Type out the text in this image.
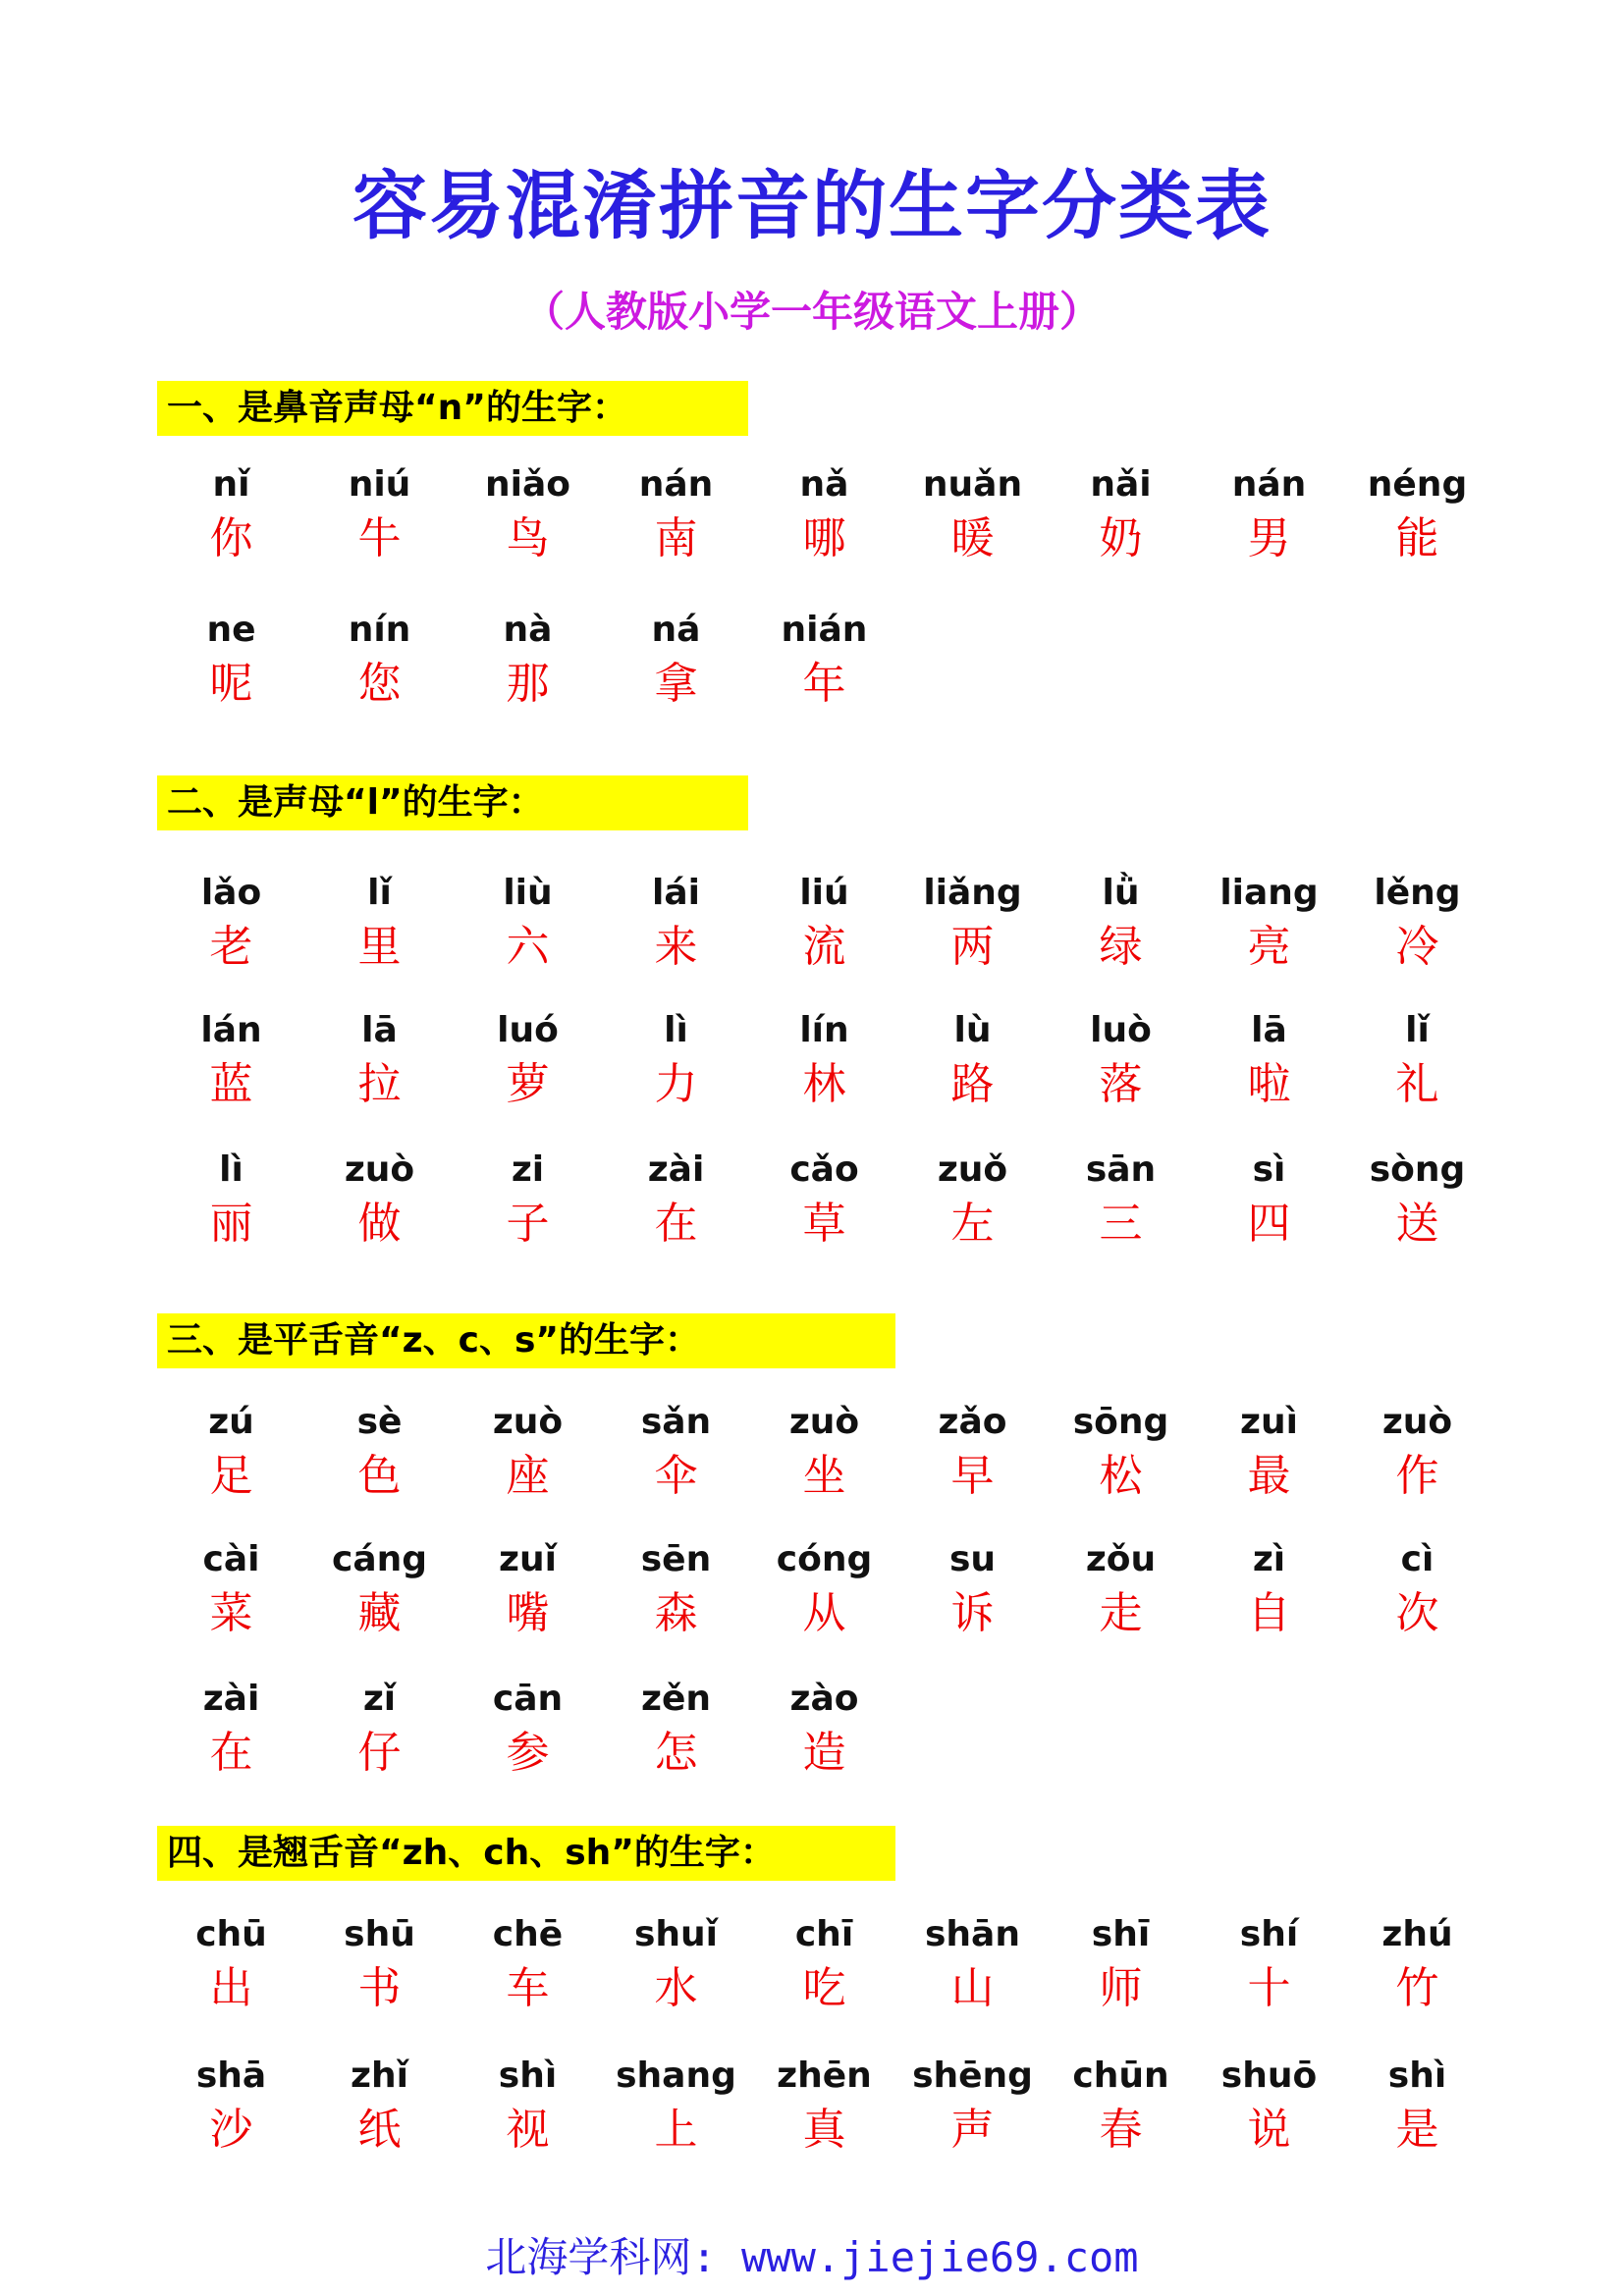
容易混淆拼音的生字分类表
（人教版小学一年级语文上册）
一、是鼻音声母“n”的生字：
nǐ
你
niú
牛
niǎo
鸟
nán
南
nǎ
哪
nuǎn
暖
nǎi
奶
nán
男
néng
能
ne
呢
nín
您
nà
那
ná
拿
nián
年
二、是声母“l”的生字：
lǎo
老
lǐ
里
liù
六
lái
来
liú
流
liǎng
两
lǜ
绿
liang
亮
lěng
冷
lán
蓝
lā
拉
luó
萝
lì
力
lín
林
lù
路
luò
落
lā
啦
lǐ
礼
lì
丽
zuò
做
zi
子
zài
在
cǎo
草
zuǒ
左
sān
三
sì
四
sòng
送
三、是平舌音“z、c、s”的生字：
zú
足
sè
色
zuò
座
sǎn
伞
zuò
坐
zǎo
早
sōng
松
zuì
最
zuò
作
cài
菜
cáng
藏
zuǐ
嘴
sēn
森
cóng
从
su
诉
zǒu
走
zì
自
cì
次
zài
在
zǐ
仔
cān
参
zěn
怎
zào
造
四、是翘舌音“zh、ch、sh”的生字：
chū
出
shū
书
chē
车
shuǐ
水
chī
吃
shān
山
shī
师
shí
十
zhú
竹
shā
沙
zhǐ
纸
shì
视
shang
上
zhēn
真
shēng
声
chūn
春
shuō
说
shì
是
北海学科网: www.jiejie69.com
